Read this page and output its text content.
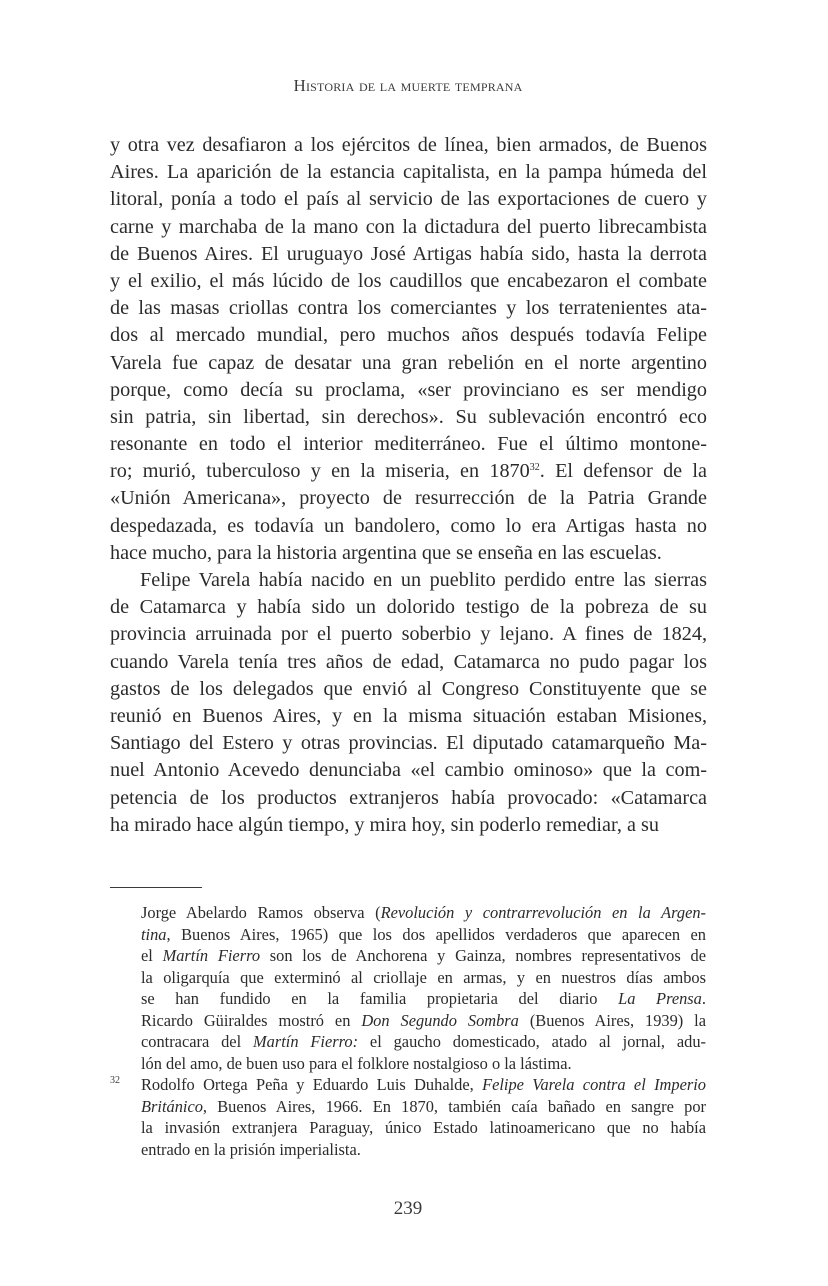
Historia de la muerte temprana
y otra vez desafiaron a los ejércitos de línea, bien armados, de Buenos
Aires. La aparición de la estancia capitalista, en la pampa húmeda del
litoral, ponía a todo el país al servicio de las exportaciones de cuero y
carne y marchaba de la mano con la dictadura del puerto librecambista
de Buenos Aires. El uruguayo José Artigas había sido, hasta la derrota
y el exilio, el más lúcido de los caudillos que encabezaron el combate
de las masas criollas contra los comerciantes y los terratenientes ata-
dos al mercado mundial, pero muchos años después todavía Felipe
Varela fue capaz de desatar una gran rebelión en el norte argentino
porque, como decía su proclama, «ser provinciano es ser mendigo
sin patria, sin libertad, sin derechos». Su sublevación encontró eco
resonante en todo el interior mediterráneo. Fue el último montone-
ro; murió, tuberculoso y en la miseria, en 1870$^{32}$. El defensor de la
«Unión Americana», proyecto de resurrección de la Patria Grande
despedazada, es todavía un bandolero, como lo era Artigas hasta no
hace mucho, para la historia argentina que se enseña en las escuelas.
Felipe Varela había nacido en un pueblito perdido entre las sierras
de Catamarca y había sido un dolorido testigo de la pobreza de su
provincia arruinada por el puerto soberbio y lejano. A fines de 1824,
cuando Varela tenía tres años de edad, Catamarca no pudo pagar los
gastos de los delegados que envió al Congreso Constituyente que se
reunió en Buenos Aires, y en la misma situación estaban Misiones,
Santiago del Estero y otras provincias. El diputado catamarqueño Ma-
nuel Antonio Acevedo denunciaba «el cambio ominoso» que la com-
petencia de los productos extranjeros había provocado: «Catamarca
ha mirado hace algún tiempo, y mira hoy, sin poderlo remediar, a su
Jorge Abelardo Ramos observa (Revolución y contrarrevolución en la Argen-
tina, Buenos Aires, 1965) que los dos apellidos verdaderos que aparecen en
el Martín Fierro son los de Anchorena y Gainza, nombres representativos de
la oligarquía que exterminó al criollaje en armas, y en nuestros días ambos
se han fundido en la familia propietaria del diario La Prensa.
Ricardo Güiraldes mostró en Don Segundo Sombra (Buenos Aires, 1939) la
contracara del Martín Fierro: el gaucho domesticado, atado al jornal, adu-
lón del amo, de buen uso para el folklore nostalgioso o la lástima.
32 Rodolfo Ortega Peña y Eduardo Luis Duhalde, Felipe Varela contra el Imperio
Británico, Buenos Aires, 1966. En 1870, también caía bañado en sangre por
la invasión extranjera Paraguay, único Estado latinoamericano que no había
entrado en la prisión imperialista.
239
